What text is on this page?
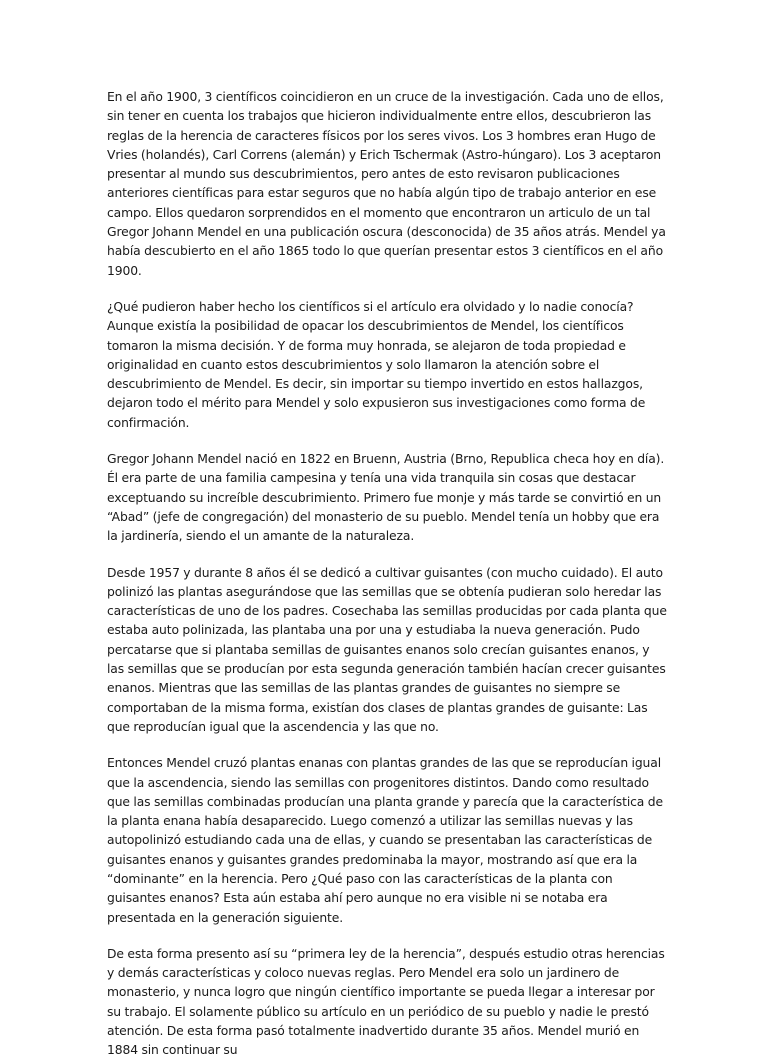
En el año 1900, 3 científicos coincidieron en un cruce de la investigación. Cada uno de ellos, sin tener en cuenta los trabajos que hicieron individualmente entre ellos, descubrieron las reglas de la herencia de caracteres físicos por los seres vivos. Los 3 hombres eran Hugo de Vries (holandés), Carl Correns (alemán) y Erich Tschermak (Astro-húngaro). Los 3 aceptaron presentar al mundo sus descubrimientos, pero antes de esto revisaron publicaciones anteriores científicas para estar seguros que no había algún tipo de trabajo anterior en ese campo. Ellos quedaron sorprendidos en el momento que encontraron un articulo de un tal Gregor Johann Mendel en una publicación oscura (desconocida) de 35 años atrás. Mendel ya había descubierto en el año 1865 todo lo que querían presentar estos 3 científicos en el año 1900.

¿Qué pudieron haber hecho los científicos si el artículo era olvidado y lo nadie conocía? Aunque existía la posibilidad de opacar los descubrimientos de Mendel, los científicos tomaron la misma decisión. Y de forma muy honrada, se alejaron de toda propiedad e originalidad en cuanto estos descubrimientos y solo llamaron la atención sobre el descubrimiento de Mendel. Es decir, sin importar su tiempo invertido en estos hallazgos, dejaron todo el mérito para Mendel y solo expusieron sus investigaciones como forma de confirmación.

Gregor Johann Mendel nació en 1822 en Bruenn, Austria (Brno, Republica checa hoy en día). Él era parte de una familia campesina y tenía una vida tranquila sin cosas que destacar exceptuando su increíble descubrimiento. Primero fue monje y más tarde se convirtió en un “Abad” (jefe de congregación) del monasterio de su pueblo. Mendel tenía un hobby que era la jardinería, siendo el un amante de la naturaleza.

Desde 1957 y durante 8 años él se dedicó a cultivar guisantes (con mucho cuidado). El auto polinizó las plantas asegurándose que las semillas que se obtenía pudieran solo heredar las características de uno de los padres. Cosechaba las semillas producidas por cada planta que estaba auto polinizada, las plantaba una por una y estudiaba la nueva generación. Pudo percatarse que si plantaba semillas de guisantes enanos solo crecían guisantes enanos, y las semillas que se producían por esta segunda generación también hacían crecer guisantes enanos. Mientras que las semillas de las plantas grandes de guisantes no siempre se comportaban de la misma forma, existían dos clases de plantas grandes de guisante: Las que reproducían igual que la ascendencia y las que no.

Entonces Mendel cruzó plantas enanas con plantas grandes de las que se reproducían igual que la ascendencia, siendo las semillas con progenitores distintos. Dando como resultado que las semillas combinadas producían una planta grande y parecía que la característica de la planta enana había desaparecido. Luego comenzó a utilizar las semillas nuevas y las autopolinizó estudiando cada una de ellas, y cuando se presentaban las características de guisantes enanos y guisantes grandes predominaba la mayor, mostrando así que era la “dominante” en la herencia. Pero ¿Qué paso con las características de la planta con guisantes enanos? Esta aún estaba ahí pero aunque no era visible ni se notaba era presentada en la generación siguiente.

De esta forma presento así su “primera ley de la herencia”, después estudio otras herencias y demás características y coloco nuevas reglas. Pero Mendel era solo un jardinero de monasterio, y nunca logro que ningún científico importante se pueda llegar a interesar por su trabajo. El solamente público su artículo en un periódico de su pueblo y nadie le prestó atención. De esta forma pasó totalmente inadvertido durante 35 años. Mendel murió en 1884 sin continuar su
